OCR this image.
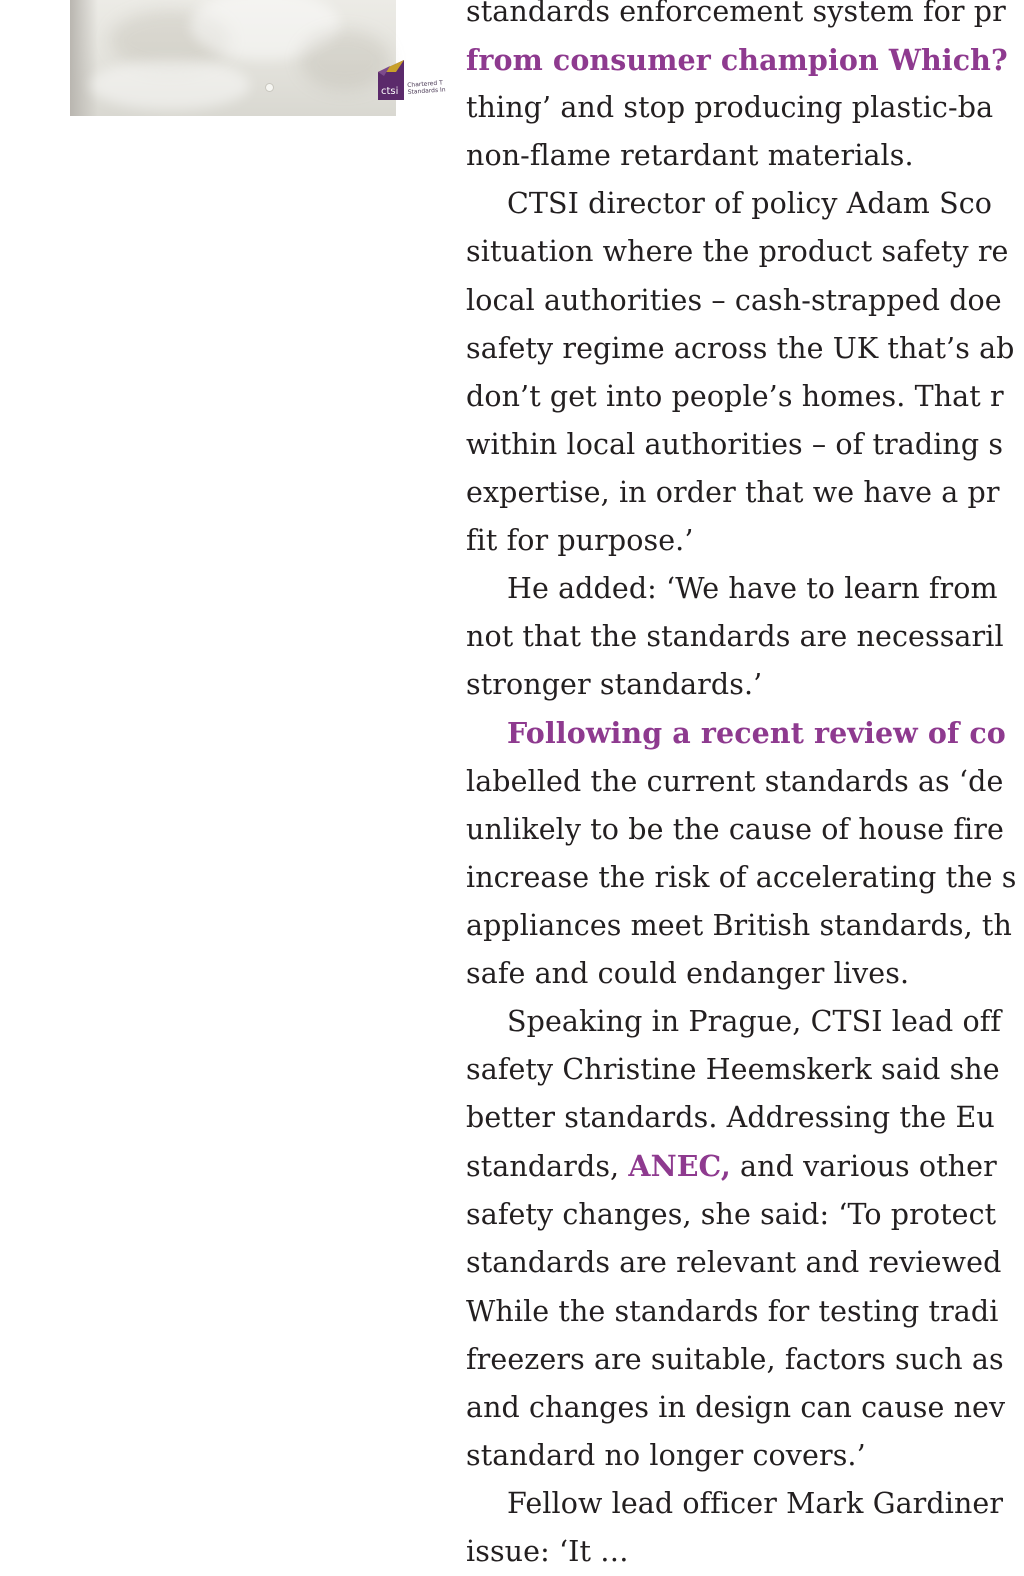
ctsi
Chartered T
Standards In
standards enforcement system for pr
from consumer champion Which?
thing’ and stop producing plastic-ba
non-flame retardant materials.
CTSI director of policy Adam Sco
situation where the product safety re
local authorities – cash-strapped doe
safety regime across the UK that’s ab
don’t get into people’s homes. That r
within local authorities – of trading s
expertise, in order that we have a pr
fit for purpose.’
He added: ‘We have to learn from
not that the standards are necessaril
stronger standards.’
Following a recent review of co
labelled the current standards as ‘de
unlikely to be the cause of house fire
increase the risk of accelerating the s
appliances meet British standards, th
safe and could endanger lives.
Speaking in Prague, CTSI lead off
safety Christine Heemskerk said she
better standards. Addressing the Eu
standards, ANEC, and various other
safety changes, she said: ‘To protect
standards are relevant and reviewed
While the standards for testing tradi
freezers are suitable, factors such as
and changes in design can cause nev
standard no longer covers.’
Fellow lead officer Mark Gardiner
issue: ‘It …
